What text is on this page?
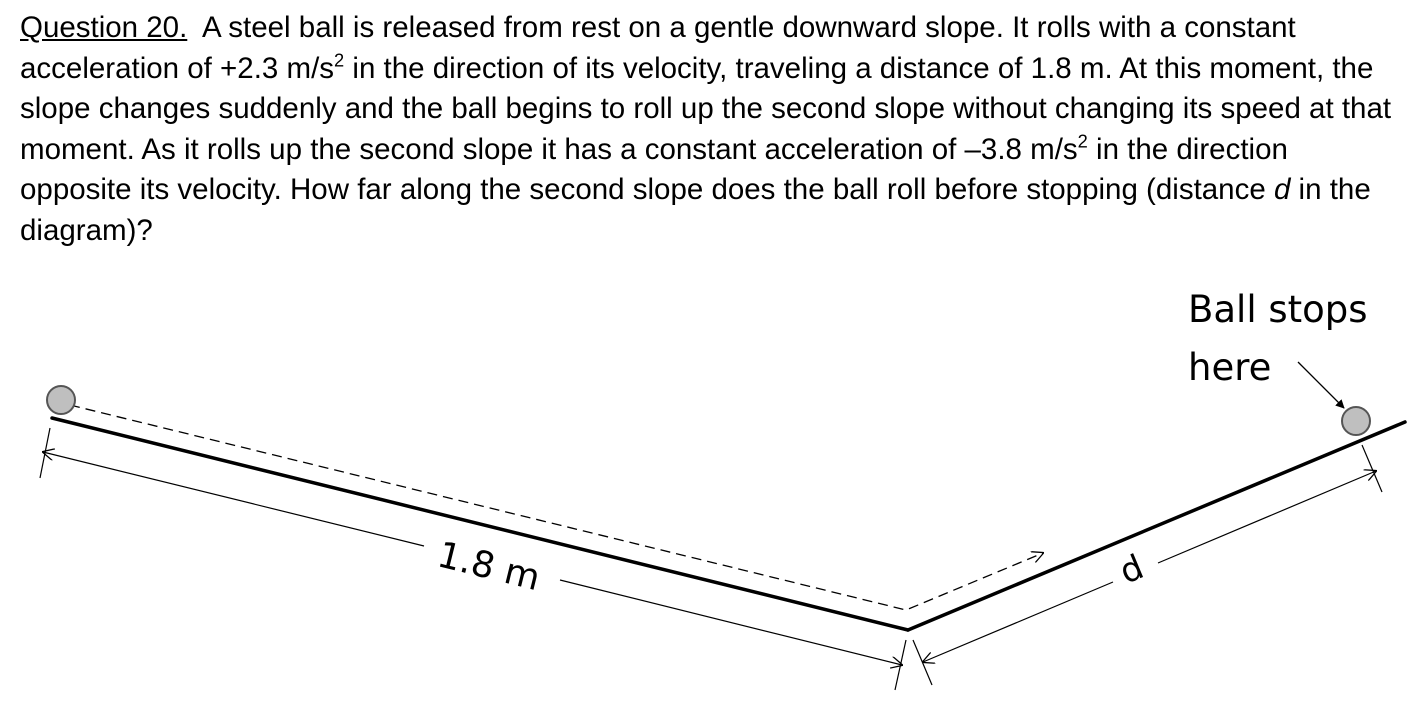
Question 20. A steel ball is released from rest on a gentle downward slope. It rolls with a constant acceleration of +2.3 $m/s^2$ in the direction of its velocity, traveling a distance of 1.8 m. At this moment, the slope changes suddenly and the ball begins to roll up the second slope without changing its speed at that moment. As it rolls up the second slope it has a constant acceleration of –3.8 $m/s^2$ in the direction opposite its velocity. How far along the second slope does the ball roll before stopping (distance d in the diagram)?

1.8 m	d
Ball stops
here
